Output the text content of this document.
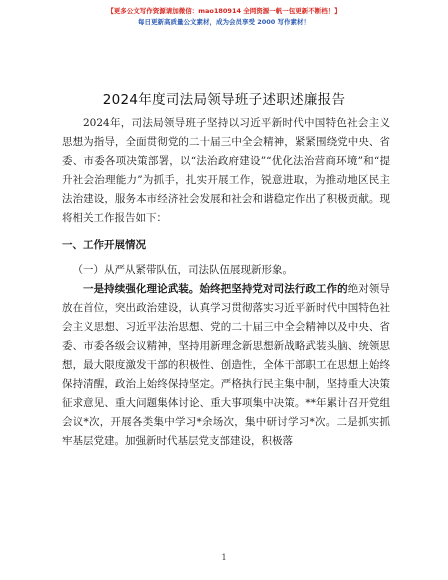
【更多公文写作资源请加微信：mao180914 全网资源一帆一包更新不断档！】
每日更新高质量公文素材，成为会员享受 2000 写作素材！
2024年度司法局领导班子述职述廉报告

2024年，司法局领导班子坚持以习近平新时代中国特色社会主义思想为指导，全面贯彻党的二十届三中全会精神，紧紧围绕党中央、省委、市委各项决策部署，以“法治政府建设”“优化法治营商环境”和“提升社会治理能力”为抓手，扎实开展工作，锐意进取，为推动地区民主法治建设，服务本市经济社会发展和社会和谐稳定作出了积极贡献。现将相关工作报告如下：

一、工作开展情况

（一）从严从紧带队伍，司法队伍展现新形象。

一是持续强化理论武装。始终把坚持党对司法行政工作的绝对领导放在首位，突出政治建设，认真学习贯彻落实习近平新时代中国特色社会主义思想、习近平法治思想、党的二十届三中全会精神以及中央、省委、市委各级会议精神，坚持用新理念新思想新战略武装头脑、统领思想，最大限度激发干部的积极性、创造性，全体干部职工在思想上始终保持清醒，政治上始终保持坚定。严格执行民主集中制，坚持重大决策征求意见、重大问题集体讨论、重大事项集中决策。**年累计召开党组会议*次，开展各类集中学习*余场次，集中研讨学习*次。二是抓实抓牢基层党建。加强新时代基层党支部建设，积极落

1
